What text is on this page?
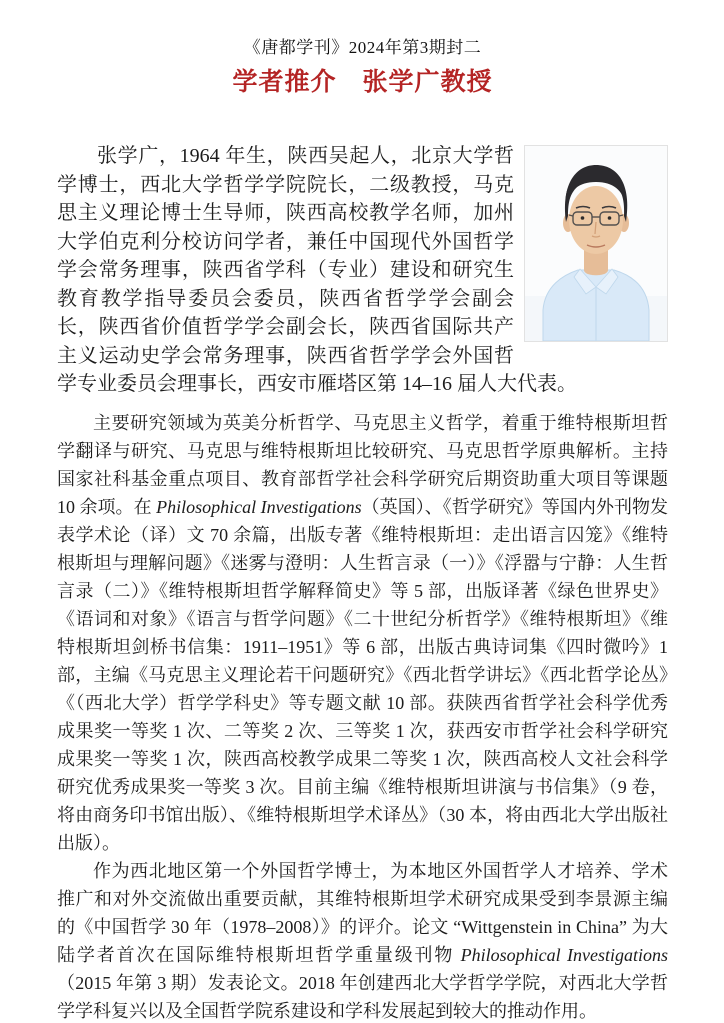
《唐都学刊》2024年第3期封二
学者推介　张学广教授

张学广，1964 年生，陕西吴起人，北京大学哲学博士，西北大学哲学学院院长，二级教授，马克思主义理论博士生导师，陕西高校教学名师，加州大学伯克利分校访问学者，兼任中国现代外国哲学学会常务理事，陕西省学科（专业）建设和研究生教育教学指导委员会委员，陕西省哲学学会副会长，陕西省价值哲学学会副会长，陕西省国际共产主义运动史学会常务理事，陕西省哲学学会外国哲学专业委员会理事长，西安市雁塔区第 14–16 届人大代表。

主要研究领域为英美分析哲学、马克思主义哲学，着重于维特根斯坦哲学翻译与研究、马克思与维特根斯坦比较研究、马克思哲学原典解析。主持国家社科基金重点项目、教育部哲学社会科学研究后期资助重大项目等课题 10 余项。在 Philosophical Investigations（英国）、《哲学研究》等国内外刊物发表学术论（译）文 70 余篇，出版专著《维特根斯坦：走出语言囚笼》《维特根斯坦与理解问题》《迷雾与澄明：人生哲言录（一）》《浮嚣与宁静：人生哲言录（二）》《维特根斯坦哲学解释简史》等 5 部，出版译著《绿色世界史》《语词和对象》《语言与哲学问题》《二十世纪分析哲学》《维特根斯坦》《维特根斯坦剑桥书信集：1911–1951》等 6 部，出版古典诗词集《四时微吟》1 部，主编《马克思主义理论若干问题研究》《西北哲学讲坛》《西北哲学论丛》《（西北大学）哲学学科史》等专题文献 10 部。获陕西省哲学社会科学优秀成果奖一等奖 1 次、二等奖 2 次、三等奖 1 次，获西安市哲学社会科学研究成果奖一等奖 1 次，陕西高校教学成果二等奖 1 次，陕西高校人文社会科学研究优秀成果奖一等奖 3 次。目前主编《维特根斯坦讲演与书信集》（9 卷，将由商务印书馆出版）、《维特根斯坦学术译丛》（30 本，将由西北大学出版社出版）。

作为西北地区第一个外国哲学博士，为本地区外国哲学人才培养、学术推广和对外交流做出重要贡献，其维特根斯坦学术研究成果受到李景源主编的《中国哲学 30 年（1978–2008）》的评介。论文 “Wittgenstein in China” 为大陆学者首次在国际维特根斯坦哲学重量级刊物 Philosophical Investigations（2015 年第 3 期）发表论文。2018 年创建西北大学哲学学院，对西北大学哲学学科复兴以及全国哲学院系建设和学科发展起到较大的推动作用。
